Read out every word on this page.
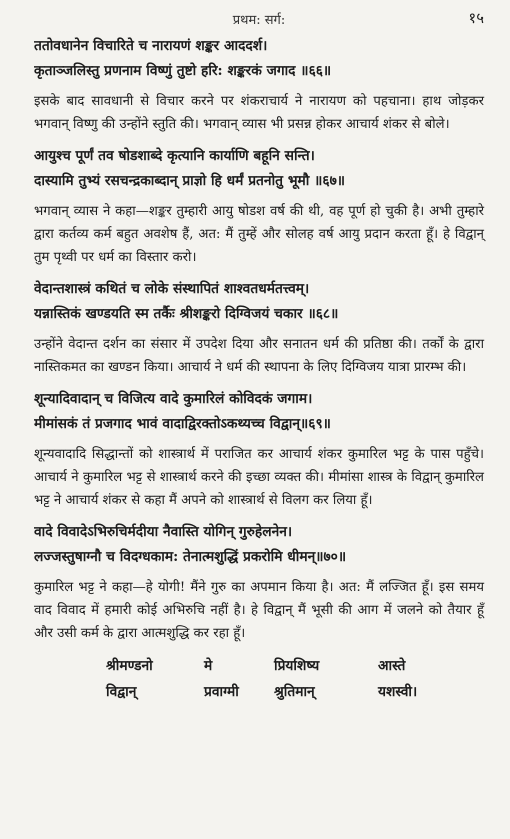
प्रथम: सर्ग:	१५
ततोवधानेन विचारिते च नारायणं शङ्कर आददर्श।
कृताञ्जलिस्तु प्रणनाम विष्णुं तुष्टो हरि: शङ्करकं जगाद ॥६६॥
इसके बाद सावधानी से विचार करने पर शंकराचार्य ने नारायण को पहचाना। हाथ जोड़कर भगवान् विष्णु की उन्होंने स्तुति की। भगवान् व्यास भी प्रसन्न होकर आचार्य शंकर से बोले।
आयुश्च पूर्णं तव षोडशाब्दे कृत्यानि कार्याणि बहूनि सन्ति।
दास्यामि तुभ्यं रसचन्द्रकाब्दान् प्राज्ञो हि धर्मं प्रतनोतु भूमौ ॥६७॥
भगवान् व्यास ने कहा—शङ्कर तुम्हारी आयु षोडश वर्ष की थी, वह पूर्ण हो चुकी है। अभी तुम्हारे द्वारा कर्तव्य कर्म बहुत अवशेष हैं, अत: मैं तुम्हें और सोलह वर्ष आयु प्रदान करता हूँ। हे विद्वान् तुम पृथ्वी पर धर्म का विस्तार करो।
वेदान्तशास्त्रं कथितं च लोके संस्थापितं शाश्वतधर्मतत्त्वम्।
यन्नास्तिकं खण्डयति स्म तर्कैः श्रीशङ्करो दिग्विजयं चकार ॥६८॥
उन्होंने वेदान्त दर्शन का संसार में उपदेश दिया और सनातन धर्म की प्रतिष्ठा की। तर्कों के द्वारा नास्तिकमत का खण्डन किया। आचार्य ने धर्म की स्थापना के लिए दिग्विजय यात्रा प्रारम्भ की।
शून्यादिवादान् च विजित्य वादे कुमारिलं कोविदकं जगाम।
मीमांसकं तं प्रजगाद भावं वादाद्विरक्तोऽकथ्यच्च विद्वान्॥६९॥
शून्यवादादि सिद्धान्तों को शास्त्रार्थ में पराजित कर आचार्य शंकर कुमारिल भट्ट के पास पहुँचे। आचार्य ने कुमारिल भट्ट से शास्त्रार्थ करने की इच्छा व्यक्त की। मीमांसा शास्त्र के विद्वान् कुमारिल भट्ट ने आचार्य शंकर से कहा मैं अपने को शास्त्रार्थ से विलग कर लिया हूँ।
वादे विवादेऽभिरुचिर्मदीया नैवास्ति योगिन् गुरुहेलनेन।
लज्जस्तुषाग्नौ च विदग्धकाम: तेनात्मशुद्धिं प्रकरोमि धीमन्॥७०॥
कुमारिल भट्ट ने कहा—हे योगी! मैंने गुरु का अपमान किया है। अत: मैं लज्जित हूँ। इस समय वाद विवाद में हमारी कोई अभिरुचि नहीं है। हे विद्वान् मैं भूसी की आग में जलने को तैयार हूँ और उसी कर्म के द्वारा आत्मशुद्धि कर रहा हूँ।
श्रीमण्डनो	मे	प्रियशिष्य	आस्ते
विद्वान्	प्रवाग्मी	श्रुतिमान्	यशस्वी।
